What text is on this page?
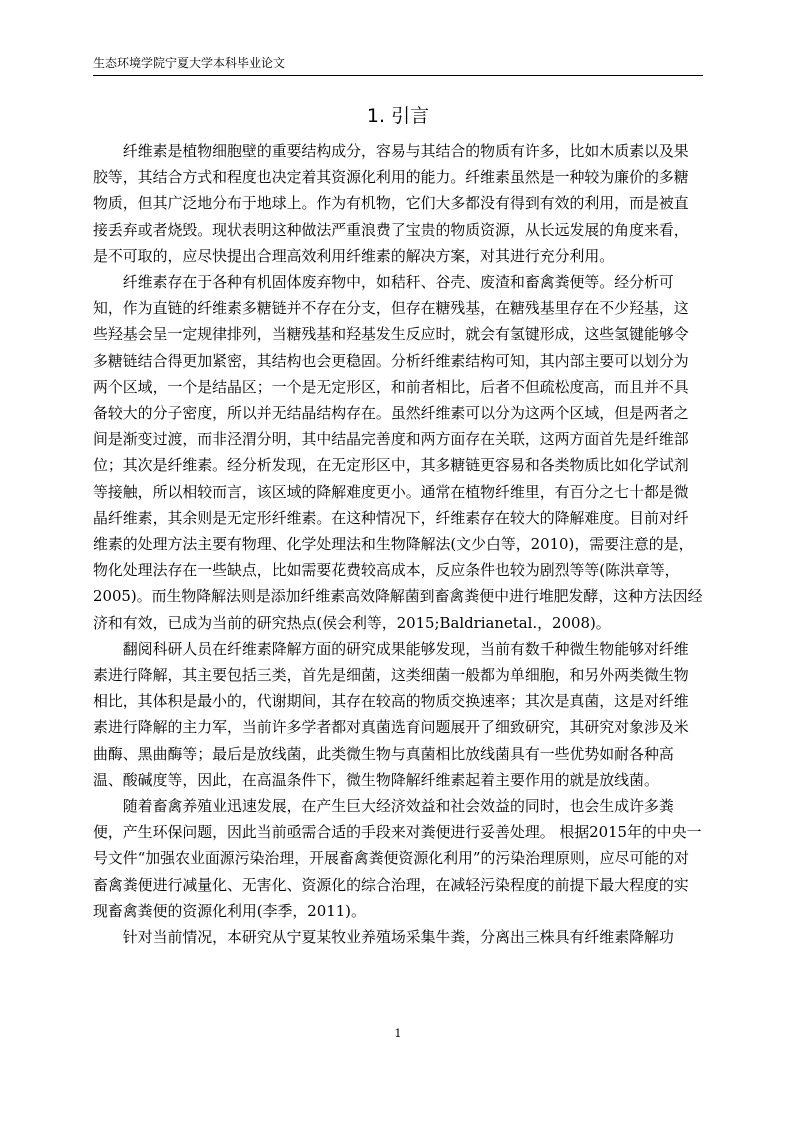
生态环境学院宁夏大学本科毕业论文
1. 引言

纤维素是植物细胞壁的重要结构成分，容易与其结合的物质有许多，比如木质素以及果胶等，其结合方式和程度也决定着其资源化利用的能力。纤维素虽然是一种较为廉价的多糖物质，但其广泛地分布于地球上。作为有机物，它们大多都没有得到有效的利用，而是被直接丢弃或者烧毁。现状表明这种做法严重浪费了宝贵的物质资源，从长远发展的角度来看，是不可取的，应尽快提出合理高效利用纤维素的解决方案，对其进行充分利用。

纤维素存在于各种有机固体废弃物中，如秸秆、谷壳、废渣和畜禽粪便等。经分析可知，作为直链的纤维素多糖链并不存在分支，但存在糖残基，在糖残基里存在不少羟基，这些羟基会呈一定规律排列，当糖残基和羟基发生反应时，就会有氢键形成，这些氢键能够令多糖链结合得更加紧密，其结构也会更稳固。分析纤维素结构可知，其内部主要可以划分为两个区域，一个是结晶区；一个是无定形区，和前者相比，后者不但疏松度高，而且并不具备较大的分子密度，所以并无结晶结构存在。虽然纤维素可以分为这两个区域，但是两者之间是渐变过渡，而非泾渭分明，其中结晶完善度和两方面存在关联，这两方面首先是纤维部位；其次是纤维素。经分析发现，在无定形区中，其多糖链更容易和各类物质比如化学试剂等接触，所以相较而言，该区域的降解难度更小。通常在植物纤维里，有百分之七十都是微晶纤维素，其余则是无定形纤维素。在这种情况下，纤维素存在较大的降解难度。目前对纤维素的处理方法主要有物理、化学处理法和生物降解法(文少白等，2010)，需要注意的是，物化处理法存在一些缺点，比如需要花费较高成本，反应条件也较为剧烈等等(陈洪章等，2005)。而生物降解法则是添加纤维素高效降解菌到畜禽粪便中进行堆肥发酵，这种方法因经济和有效，已成为当前的研究热点(侯会利等，2015;Baldrianetal.，2008)。

翻阅科研人员在纤维素降解方面的研究成果能够发现，当前有数千种微生物能够对纤维素进行降解，其主要包括三类，首先是细菌，这类细菌一般都为单细胞，和另外两类微生物相比，其体积是最小的，代谢期间，其存在较高的物质交换速率；其次是真菌，这是对纤维素进行降解的主力军，当前许多学者都对真菌选育问题展开了细致研究，其研究对象涉及米曲酶、黑曲酶等；最后是放线菌，此类微生物与真菌相比放线菌具有一些优势如耐各种高温、酸碱度等，因此，在高温条件下，微生物降解纤维素起着主要作用的就是放线菌。

随着畜禽养殖业迅速发展，在产生巨大经济效益和社会效益的同时，也会生成许多粪便，产生环保问题，因此当前亟需合适的手段来对粪便进行妥善处理。 根据2015年的中央一号文件“加强农业面源污染治理，开展畜禽粪便资源化利用”的污染治理原则，应尽可能的对畜禽粪便进行减量化、无害化、资源化的综合治理，在减轻污染程度的前提下最大程度的实现畜禽粪便的资源化利用(李季，2011)。

针对当前情况，本研究从宁夏某牧业养殖场采集牛粪，分离出三株具有纤维素降解功

1
